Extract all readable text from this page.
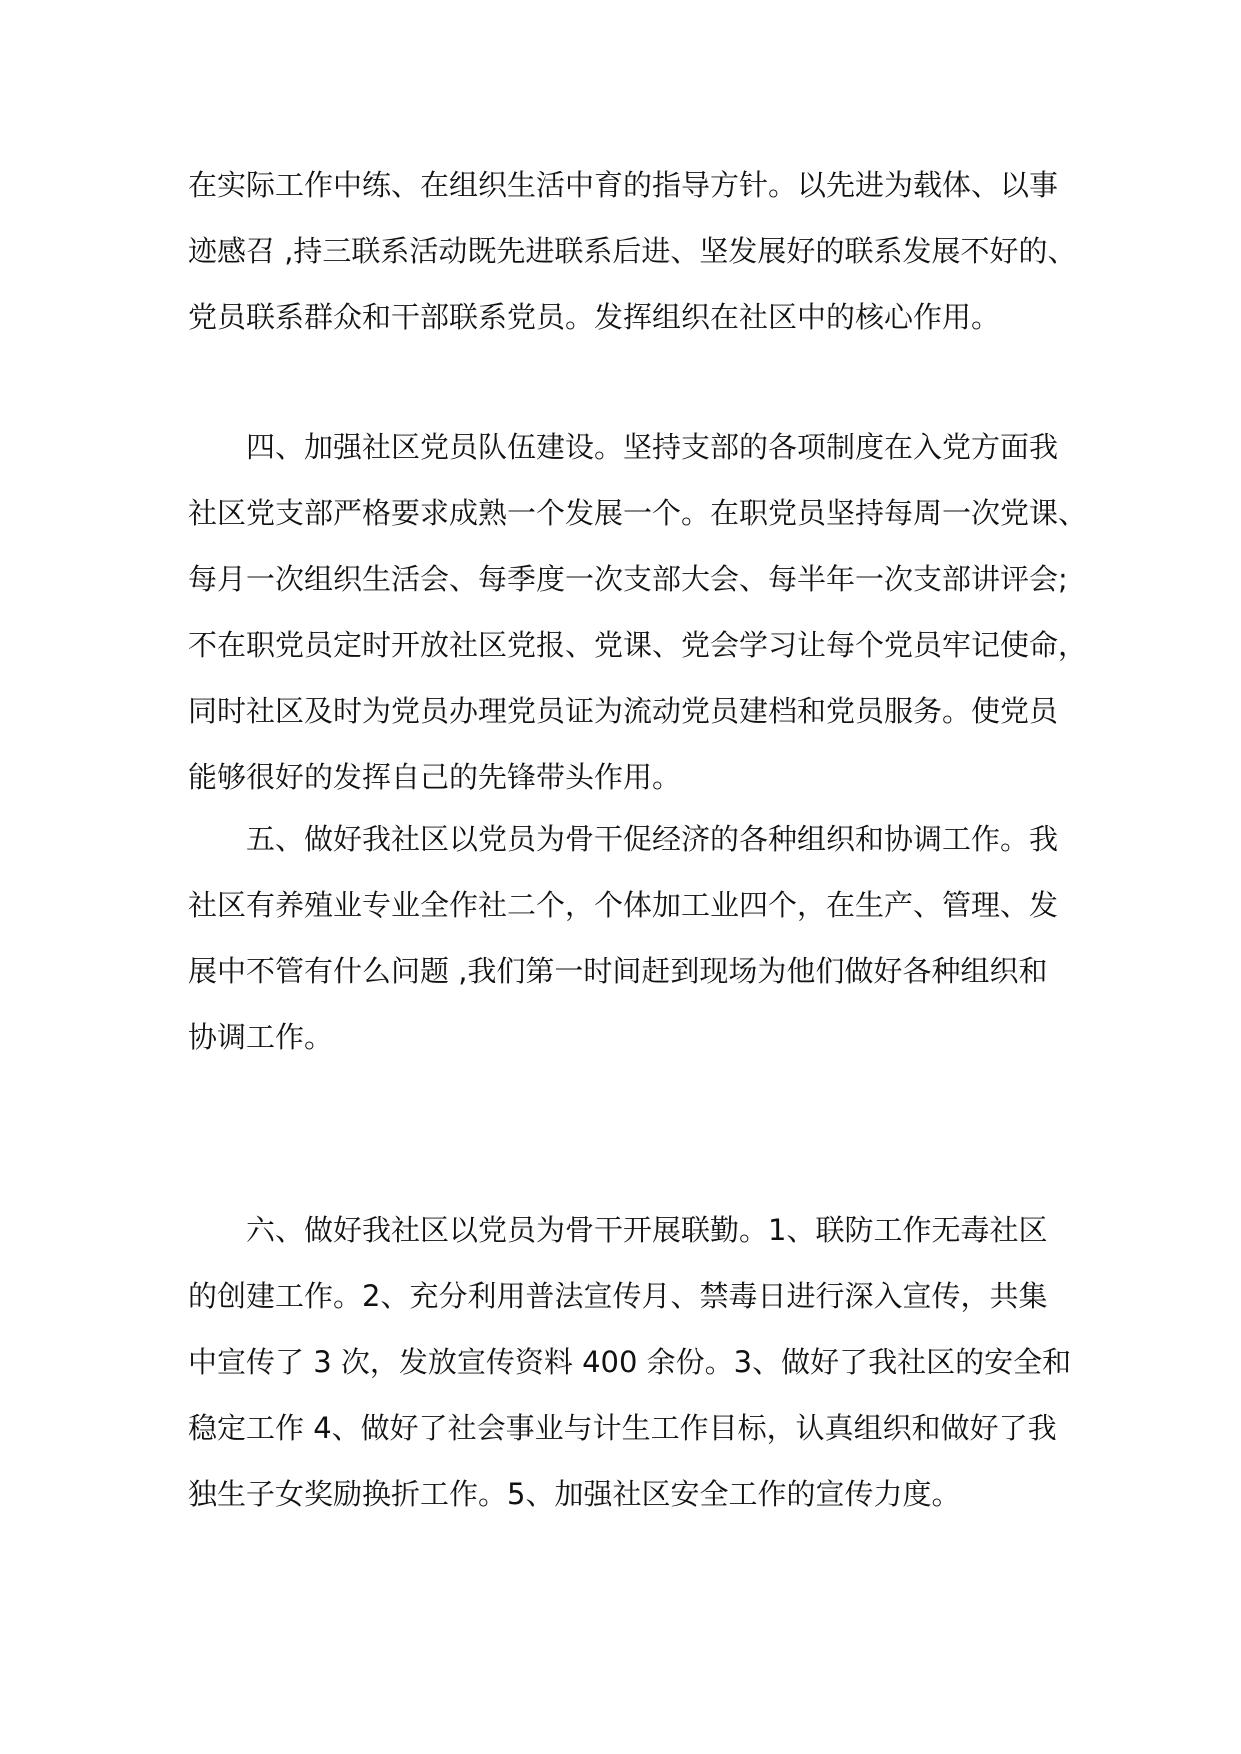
在实际工作中练、在组织生活中育的指导方针。以先进为载体、以事
迹感召 ,持三联系活动既先进联系后进、坚发展好的联系发展不好的、
党员联系群众和干部联系党员。发挥组织在社区中的核心作用。
四、加强社区党员队伍建设。坚持支部的各项制度在入党方面我
社区党支部严格要求成熟一个发展一个。在职党员坚持每周一次党课、
每月一次组织生活会、每季度一次支部大会、每半年一次支部讲评会;
不在职党员定时开放社区党报、党课、党会学习让每个党员牢记使命，
同时社区及时为党员办理党员证为流动党员建档和党员服务。使党员
能够很好的发挥自己的先锋带头作用。
五、做好我社区以党员为骨干促经济的各种组织和协调工作。我
社区有养殖业专业全作社二个，个体加工业四个，在生产、管理、发
展中不管有什么问题 ,我们第一时间赶到现场为他们做好各种组织和
协调工作。
六、做好我社区以党员为骨干开展联勤。1、联防工作无毒社区
的创建工作。2、充分利用普法宣传月、禁毒日进行深入宣传，共集
中宣传了 3 次，发放宣传资料 400 余份。3、做好了我社区的安全和
稳定工作 4、做好了社会事业与计生工作目标，认真组织和做好了我
独生子女奖励换折工作。5、加强社区安全工作的宣传力度。
